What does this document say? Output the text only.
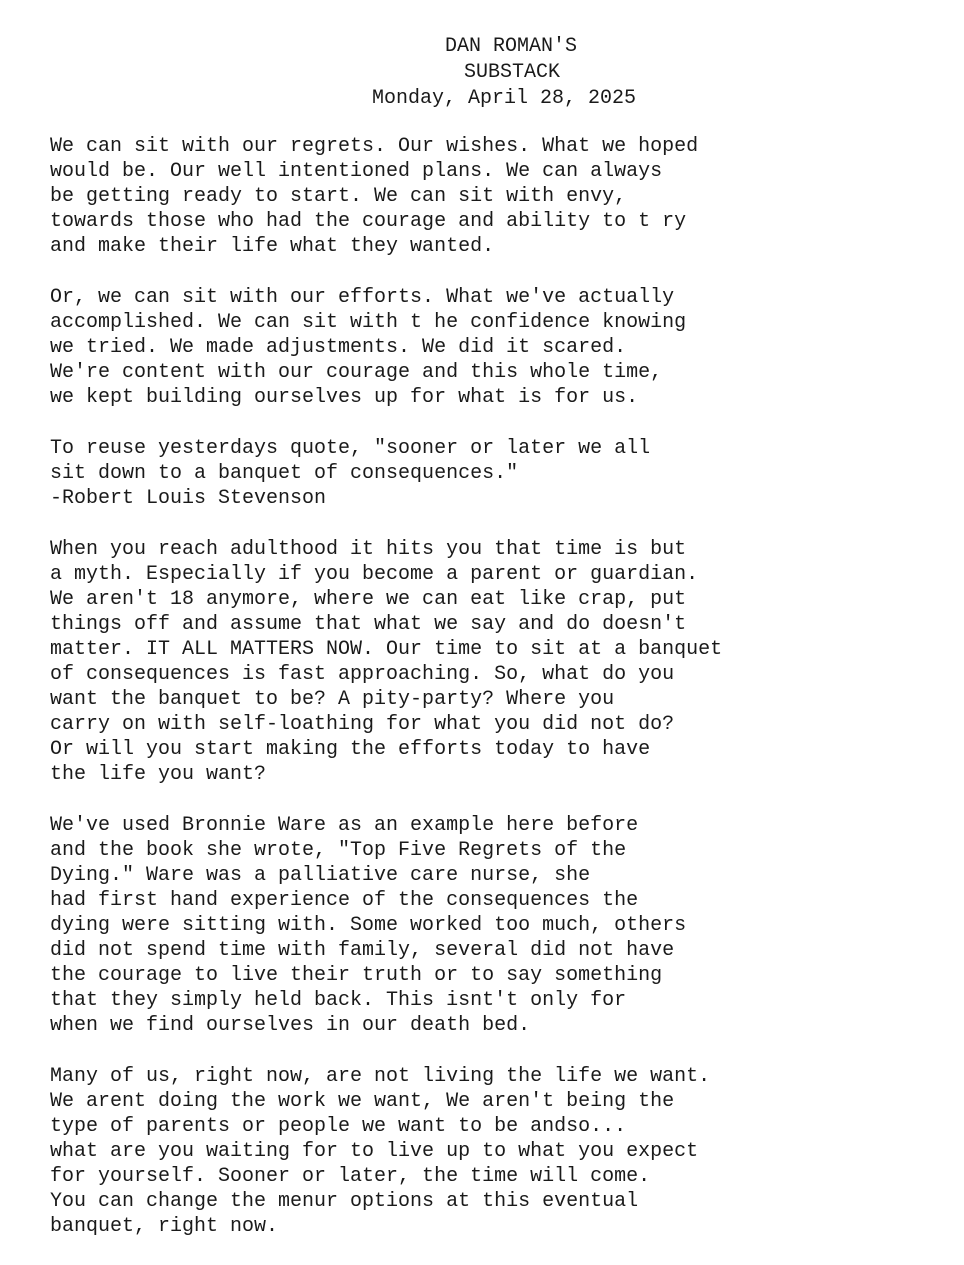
DAN ROMAN'S
SUBSTACK
Monday, April 28, 2025
We can sit with our regrets. Our wishes. What we hoped
would be. Our well intentioned plans. We can always
be getting ready to start. We can sit with envy,
towards those who had the courage and ability to t ry
and make their life what they wanted.
Or, we can sit with our efforts. What we've actually
accomplished. We can sit with t he confidence knowing
we tried. We made adjustments. We did it scared.
We're content with our courage and this whole time,
we kept building ourselves up for what is for us.
To reuse yesterdays quote, "sooner or later we all
sit down to a banquet of consequences."
-Robert Louis Stevenson
When you reach adulthood it hits you that time is but
a myth. Especially if you become a parent or guardian.
We aren't 18 anymore, where we can eat like crap, put
things off and assume that what we say and do doesn't
matter. IT ALL MATTERS NOW. Our time to sit at a banquet
of consequences is fast approaching. So, what do you
want the banquet to be? A pity-party? Where you
carry on with self-loathing for what you did not do?
Or will you start making the efforts today to have
the life you want?
We've used Bronnie Ware as an example here before
and the book she wrote, "Top Five Regrets of the
Dying." Ware was a palliative care nurse, she
had first hand experience of the consequences the
dying were sitting with. Some worked too much, others
did not spend time with family, several did not have
the courage to live their truth or to say something
that they simply held back. This isnt't only for
when we find ourselves in our death bed.
Many of us, right now, are not living the life we want.
We arent doing the work we want, We aren't being the
type of parents or people we want to be andso...
what are you waiting for to live up to what you expect
for yourself. Sooner or later, the time will come.
You can change the menur options at this eventual
banquet, right now.
